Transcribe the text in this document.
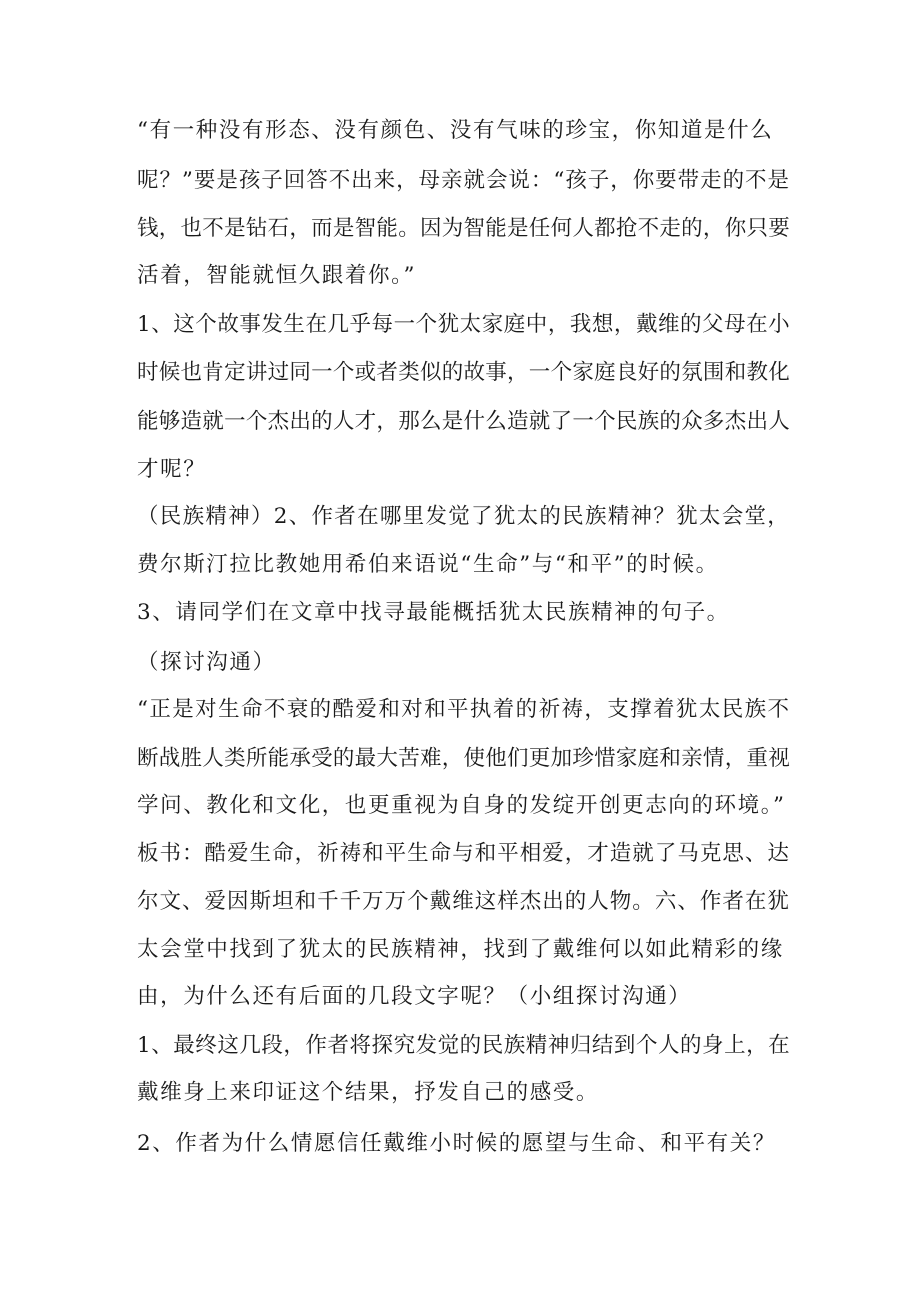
“有一种没有形态、没有颜色、没有气味的珍宝，你知道是什么
呢？”要是孩子回答不出来，母亲就会说：“孩子，你要带走的不是
钱，也不是钻石，而是智能。因为智能是任何人都抢不走的，你只要
活着，智能就恒久跟着你。”
1、这个故事发生在几乎每一个犹太家庭中，我想，戴维的父母在小
时候也肯定讲过同一个或者类似的故事，一个家庭良好的氛围和教化
能够造就一个杰出的人才，那么是什么造就了一个民族的众多杰出人
才呢？
（民族精神）2、作者在哪里发觉了犹太的民族精神？犹太会堂，
费尔斯汀拉比教她用希伯来语说“生命”与“和平”的时候。
3、请同学们在文章中找寻最能概括犹太民族精神的句子。
（探讨沟通）
“正是对生命不衰的酷爱和对和平执着的祈祷，支撑着犹太民族不
断战胜人类所能承受的最大苦难，使他们更加珍惜家庭和亲情，重视
学问、教化和文化，也更重视为自身的发绽开创更志向的环境。”
板书：酷爱生命，祈祷和平生命与和平相爱，才造就了马克思、达
尔文、爱因斯坦和千千万万个戴维这样杰出的人物。六、作者在犹
太会堂中找到了犹太的民族精神，找到了戴维何以如此精彩的缘
由，为什么还有后面的几段文字呢？（小组探讨沟通）
1、最终这几段，作者将探究发觉的民族精神归结到个人的身上，在
戴维身上来印证这个结果，抒发自己的感受。
2、作者为什么情愿信任戴维小时候的愿望与生命、和平有关？
